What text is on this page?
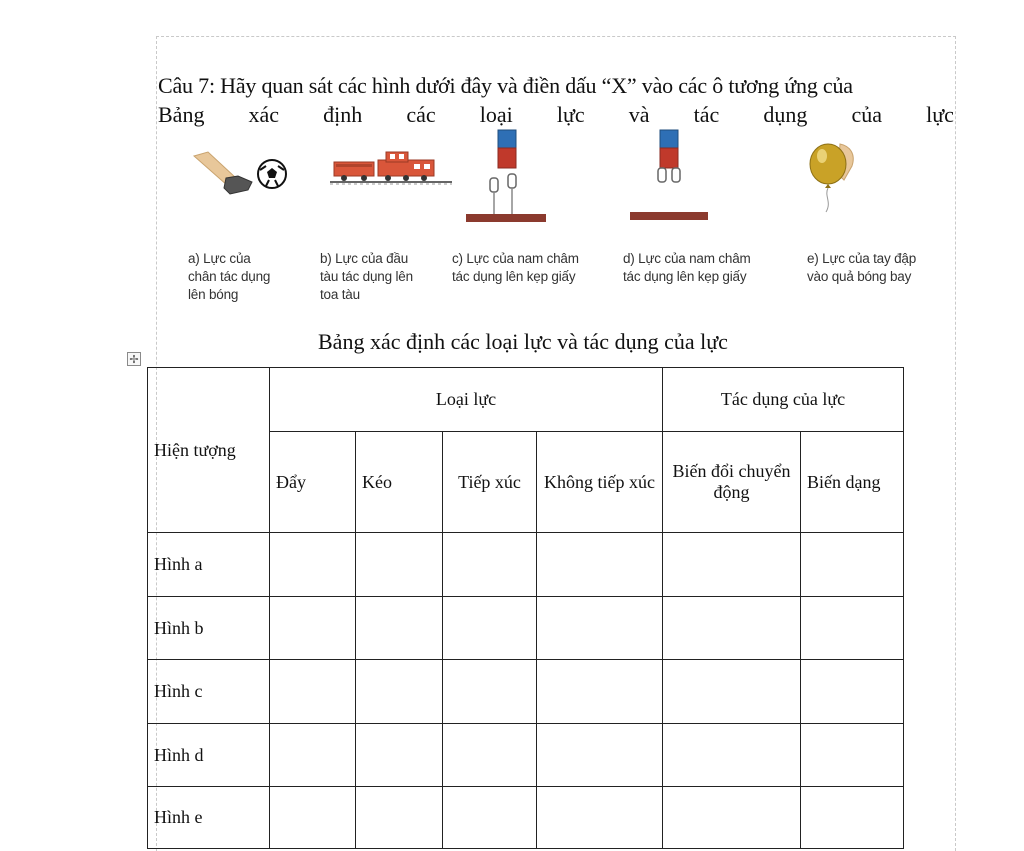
Câu 7: Hãy quan sát các hình dưới đây và điền dấu “X” vào các ô tương ứng của
Bảng xác định các loại lực và tác dụng của lực
a) Lực của
chân tác dụng
lên bóng
b) Lực của đầu
tàu tác dụng lên
toa tàu
c) Lực của nam châm
tác dụng lên kẹp giấy
d) Lực của nam châm
tác dụng lên kẹp giấy
e) Lực của tay đập
vào quả bóng bay
Bảng xác định các loại lực và tác dụng của lực
✢
Hiện tượng	Loại lực				Tác dụng của lực	
	Đẩy	Kéo	Tiếp xúc	Không tiếp xúc	Biến đổi chuyển động	Biến dạng
Hình a						
Hình b						
Hình c						
Hình d						
Hình e						
